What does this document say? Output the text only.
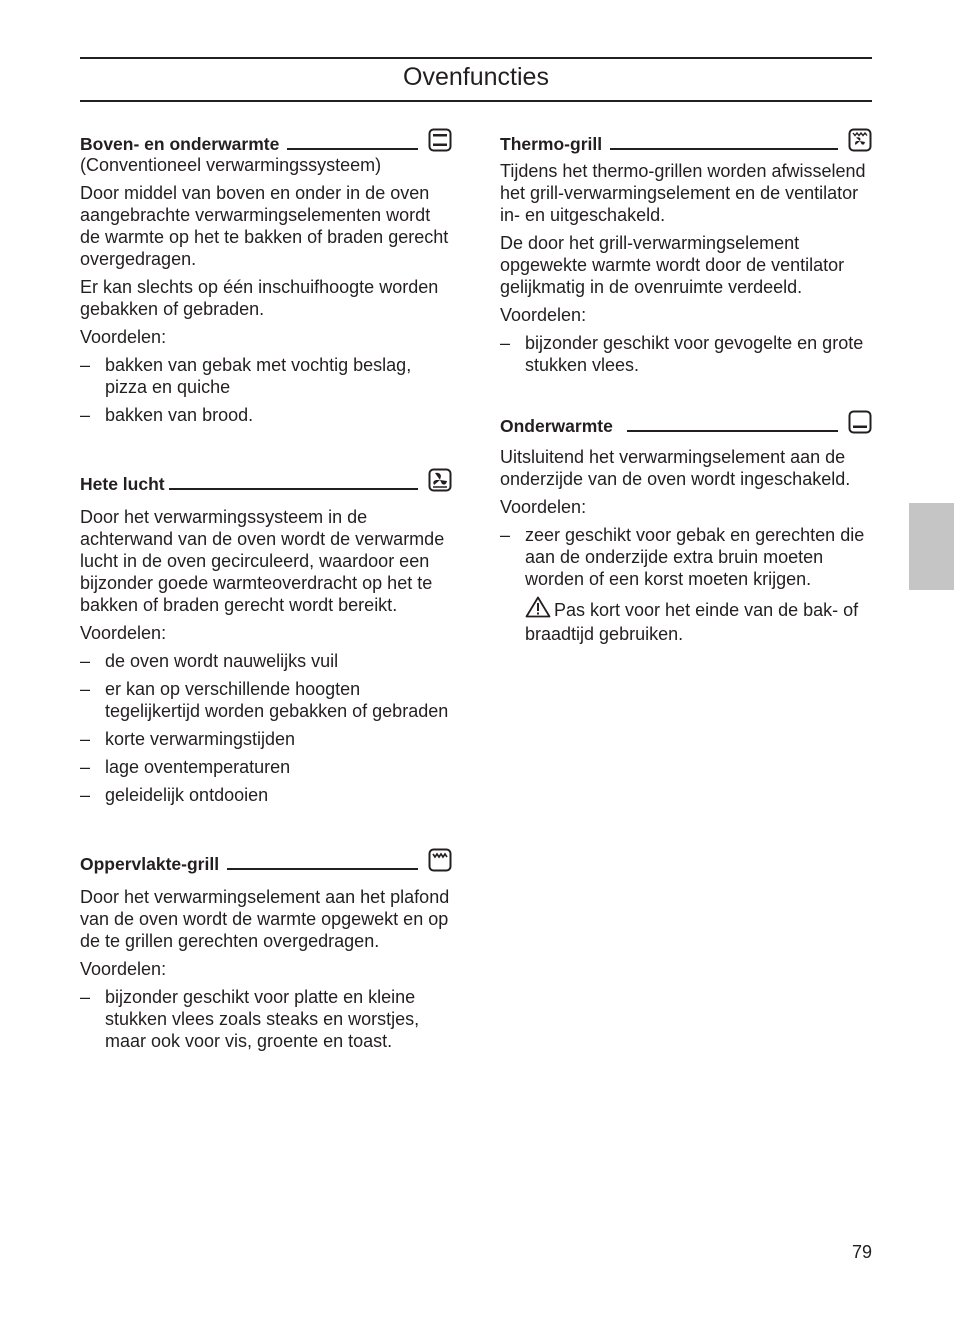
Ovenfuncties
Boven- en onderwarmte

(Conventioneel verwarmingssysteem)

Door middel van boven en onder in de oven aangebrachte verwarmingselementen wordt de warmte op het te bakken of braden gerecht overgedragen.

Er kan slechts op één inschuifhoogte worden gebakken of gebraden.

Voordelen:

– bakken van gebak met vochtig beslag, pizza en quiche
– bakken van brood.
Hete lucht

Door het verwarmingssysteem in de achterwand van de oven wordt de verwarmde lucht in de oven gecirculeerd, waardoor een bijzonder goede warmteoverdracht op het te bakken of braden gerecht wordt bereikt.

Voordelen:

– de oven wordt nauwelijks vuil
– er kan op verschillende hoogten tegelijkertijd worden gebakken of gebraden
– korte verwarmingstijden
– lage oventemperaturen
– geleidelijk ontdooien
Oppervlakte-grill

Door het verwarmingselement aan het plafond van de oven wordt de warmte opgewekt en op de te grillen gerechten overgedragen.

Voordelen:

– bijzonder geschikt voor platte en kleine stukken vlees zoals steaks en worstjes, maar ook voor vis, groente en toast.
Thermo-grill

Tijdens het thermo-grillen worden afwisselend het grill-verwarmingselement en de ventilator in- en uitgeschakeld.

De door het grill-verwarmingselement opgewekte warmte wordt door de ventilator gelijkmatig in de ovenruimte verdeeld.

Voordelen:

– bijzonder geschikt voor gevogelte en grote stukken vlees.
Onderwarmte

Uitsluitend het verwarmingselement aan de onderzijde van de oven wordt ingeschakeld.

Voordelen:

– zeer geschikt voor gebak en gerechten die aan de onderzijde extra bruin moeten worden of een korst moeten krijgen.

Pas kort voor het einde van de bak- of braadtijd gebruiken.

79
